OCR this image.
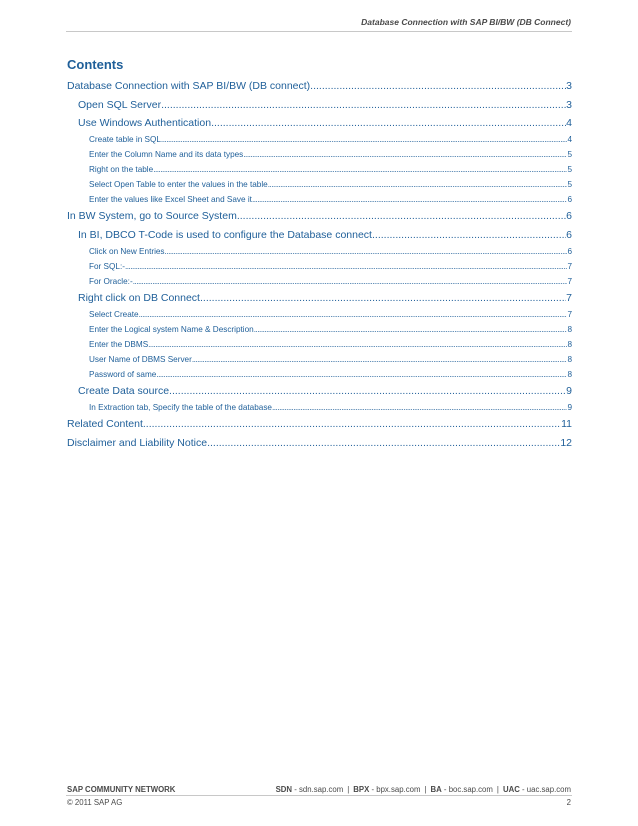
Database Connection with SAP BI/BW (DB Connect)
Contents
Database Connection with SAP BI/BW (DB connect) .....	3
Open SQL Server .....	3
Use Windows Authentication .....	4
Create table in SQL .....	4
Enter the Column Name and its data types .....	5
Right on the table .....	5
Select Open Table to enter the values in the table .....	5
Enter the values like Excel Sheet and Save it .....	6
In BW System, go to Source System .....	6
In BI, DBCO T-Code is used to configure the Database connect .....	6
Click on New Entries .....	6
For SQL:- .....	7
For Oracle:- .....	7
Right click on DB Connect .....	7
Select Create .....	7
Enter the Logical system Name & Description .....	8
Enter the DBMS .....	8
User Name of DBMS Server .....	8
Password of same .....	8
Create Data source .....	9
In Extraction tab, Specify the table of the database .....	9
Related Content .....	11
Disclaimer and Liability Notice .....	12
SAP COMMUNITY NETWORK	SDN - sdn.sap.com | BPX - bpx.sap.com | BA - boc.sap.com | UAC - uac.sap.com
© 2011 SAP AG	2
